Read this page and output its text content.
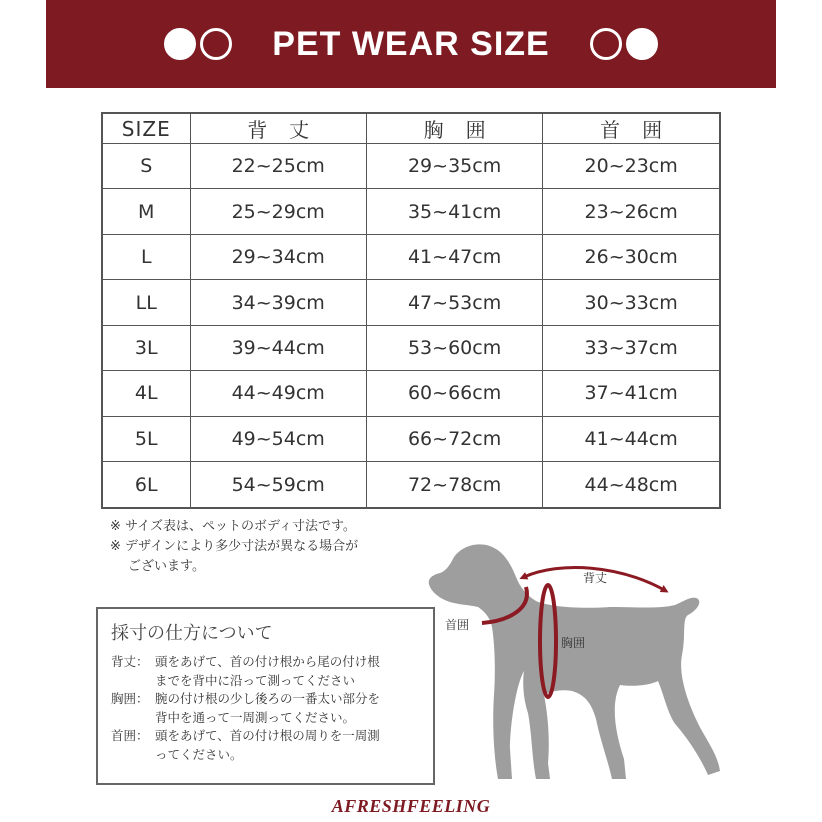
PET WEAR SIZE
SIZE	背丈	胸囲	首囲
S	22~25cm	29~35cm	20~23cm
M	25~29cm	35~41cm	23~26cm
L	29~34cm	41~47cm	26~30cm
LL	34~39cm	47~53cm	30~33cm
3L	39~44cm	53~60cm	33~37cm
4L	44~49cm	60~66cm	37~41cm
5L	49~54cm	66~72cm	41~44cm
6L	54~59cm	72~78cm	44~48cm
※ サイズ表は、ペットのボディ寸法です。
※ デザインにより多少寸法が異なる場合が
ございます。
採寸の仕方について
背丈： 頭をあげて、首の付け根から尾の付け根
までを背中に沿って測ってください
胸囲： 腕の付け根の少し後ろの一番太い部分を
背中を通って一周測ってください。
首囲： 頭をあげて、首の付け根の周りを一周測
ってください。
背丈
首囲
胸囲
AFRESHFEELING
